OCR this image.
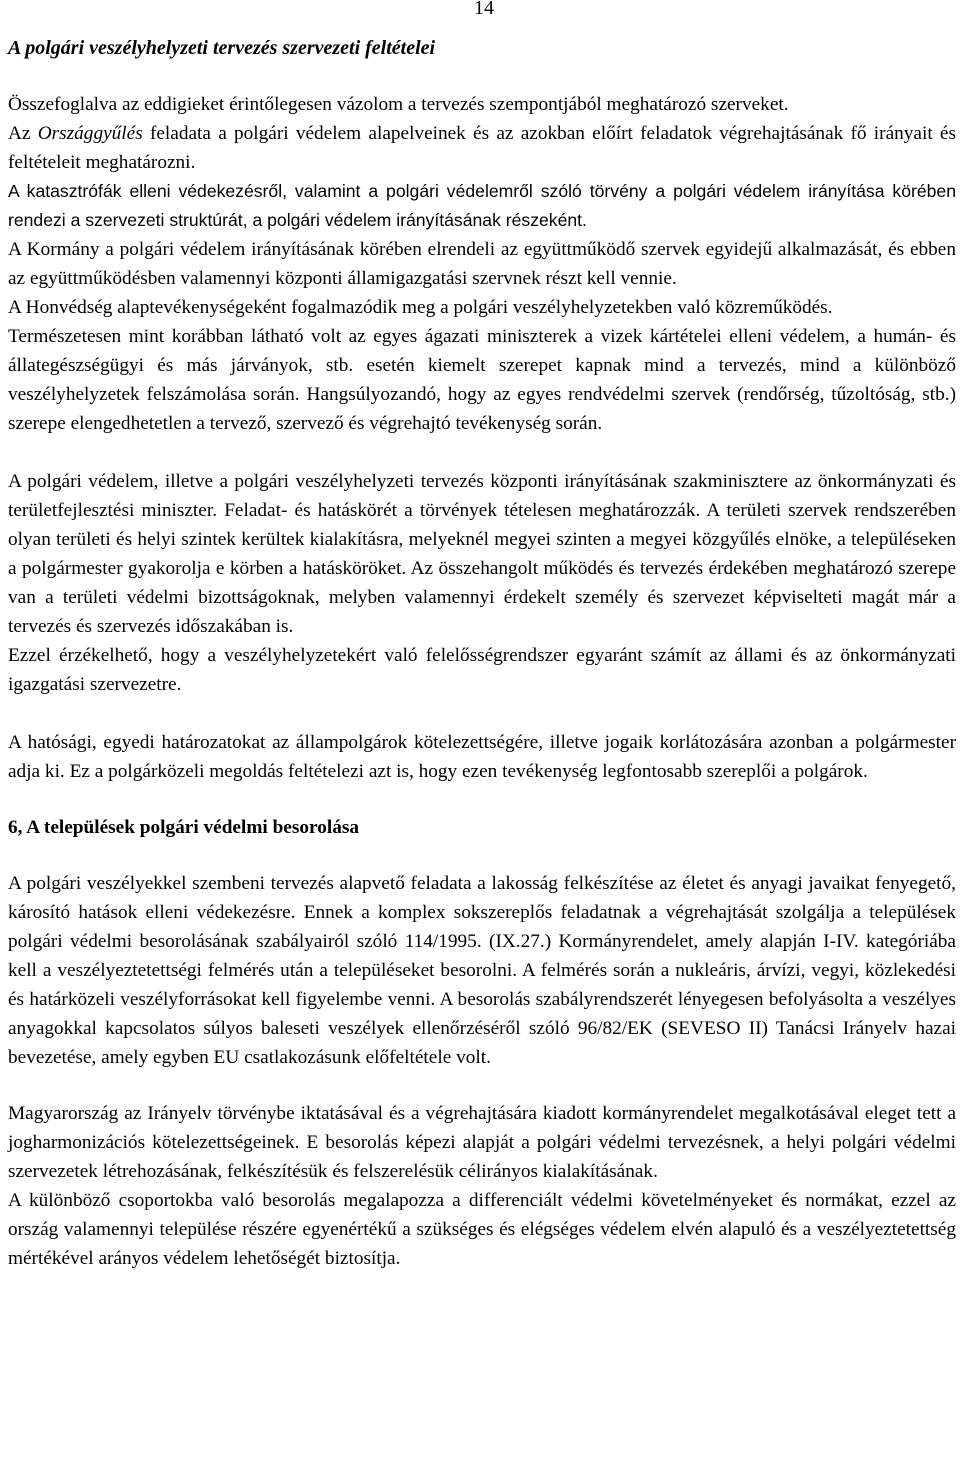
14
A polgári veszélyhelyzeti tervezés szervezeti feltételei

Összefoglalva az eddigieket érintőlegesen vázolom a tervezés szempontjából meghatározó szerveket.

Az Országgyűlés feladata a polgári védelem alapelveinek és az azokban előírt feladatok végrehajtásának fő irányait és feltételeit meghatározni.

A katasztrófák elleni védekezésről, valamint a polgári védelemről szóló törvény a polgári védelem irányítása körében rendezi a szervezeti struktúrát, a polgári védelem irányításának részeként.

A Kormány a polgári védelem irányításának körében elrendeli az együttműködő szervek egyidejű alkalmazását, és ebben az együttműködésben valamennyi központi államigazgatási szervnek részt kell vennie.

A Honvédség alaptevékenységeként fogalmazódik meg a polgári veszélyhelyzetekben való közreműködés.

Természetesen mint korábban látható volt az egyes ágazati miniszterek a vizek kártételei elleni védelem, a humán- és állategészségügyi és más járványok, stb. esetén kiemelt szerepet kapnak mind a tervezés, mind a különböző veszélyhelyzetek felszámolása során. Hangsúlyozandó, hogy az egyes rendvédelmi szervek (rendőrség, tűzoltóság, stb.) szerepe elengedhetetlen a tervező, szervező és végrehajtó tevékenység során.

A polgári védelem, illetve a polgári veszélyhelyzeti tervezés központi irányításának szakminisztere az önkormányzati és területfejlesztési miniszter. Feladat- és hatáskörét a törvények tételesen meghatározzák. A területi szervek rendszerében olyan területi és helyi szintek kerültek kialakításra, melyeknél megyei szinten a megyei közgyűlés elnöke, a településeken a polgármester gyakorolja e körben a hatásköröket. Az összehangolt működés és tervezés érdekében meghatározó szerepe van a területi védelmi bizottságoknak, melyben valamennyi érdekelt személy és szervezet képviselteti magát már a tervezés és szervezés időszakában is.

Ezzel érzékelhető, hogy a veszélyhelyzetekért való felelősségrendszer egyaránt számít az állami és az önkormányzati igazgatási szervezetre.

A hatósági, egyedi határozatokat az állampolgárok kötelezettségére, illetve jogaik korlátozására azonban a polgármester adja ki. Ez a polgárközeli megoldás feltételezi azt is, hogy ezen tevékenység legfontosabb szereplői a polgárok.

6, A települések polgári védelmi besorolása

A polgári veszélyekkel szembeni tervezés alapvető feladata a lakosság felkészítése az életet és anyagi javaikat fenyegető, károsító hatások elleni védekezésre. Ennek a komplex sokszereplős feladatnak a végrehajtását szolgálja a települések polgári védelmi besorolásának szabályairól szóló 114/1995. (IX.27.) Kormányrendelet, amely alapján I-IV. kategóriába kell a veszélyeztetettségi felmérés után a településeket besorolni. A felmérés során a nukleáris, árvízi, vegyi, közlekedési és határközeli veszélyforrásokat kell figyelembe venni. A besorolás szabályrendszerét lényegesen befolyásolta a veszélyes anyagokkal kapcsolatos súlyos baleseti veszélyek ellenőrzéséről szóló 96/82/EK (SEVESO II) Tanácsi Irányelv hazai bevezetése, amely egyben EU csatlakozásunk előfeltétele volt.

Magyarország az Irányelv törvénybe iktatásával és a végrehajtására kiadott kormányrendelet megalkotásával eleget tett a jogharmonizációs kötelezettségeinek. E besorolás képezi alapját a polgári védelmi tervezésnek, a helyi polgári védelmi szervezetek létrehozásának, felkészítésük és felszerelésük célirányos kialakításának.

A különböző csoportokba való besorolás megalapozza a differenciált védelmi követelményeket és normákat, ezzel az ország valamennyi települése részére egyenértékű a szükséges és elégséges védelem elvén alapuló és a veszélyeztetettség mértékével arányos védelem lehetőségét biztosítja.
